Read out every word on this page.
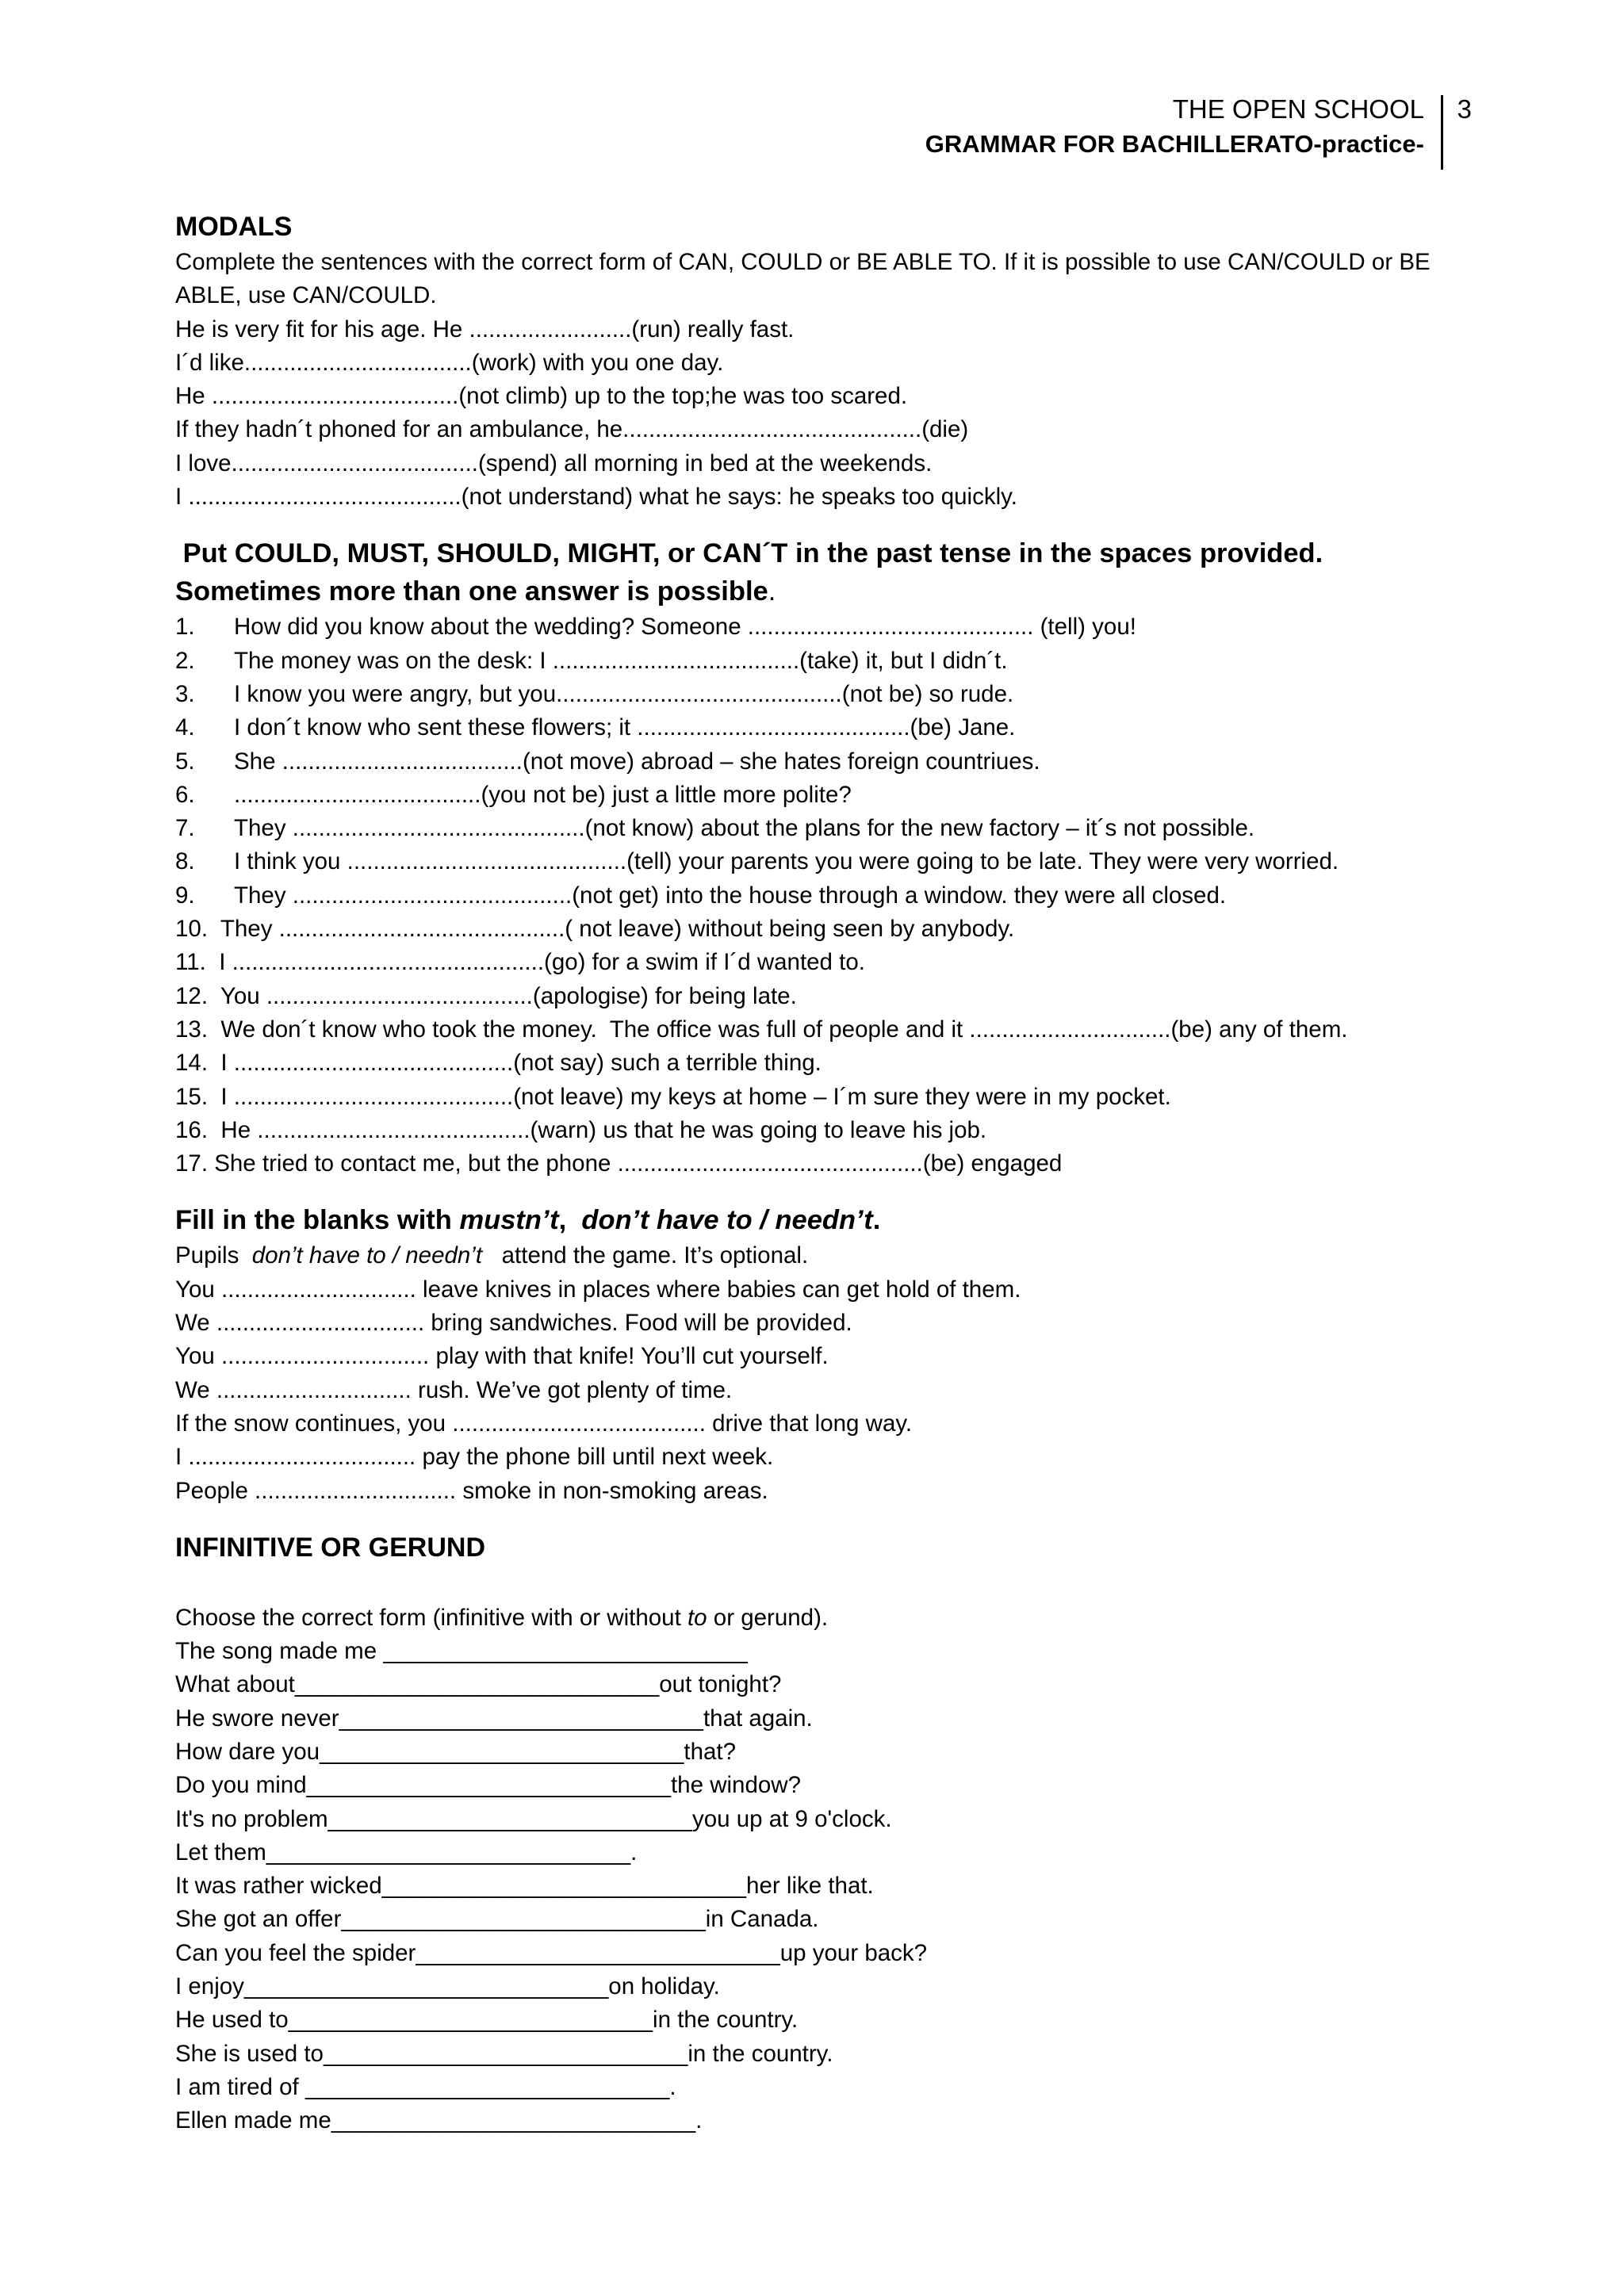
THE OPEN SCHOOL
GRAMMAR FOR BACHILLERATO-practice-
3
MODALS
Complete the sentences with the correct form of CAN, COULD or BE ABLE TO. If it is possible to use CAN/COULD or BE
ABLE, use CAN/COULD.
He is very fit for his age. He .........................(run) really fast.
I´d like...................................(work) with you one day.
He ......................................(not climb) up to the top;he was too scared.
If they hadn´t phoned for an ambulance, he..............................................(die)
I love......................................(spend) all morning in bed at the weekends.
I ..........................................(not understand) what he says: he speaks too quickly.
Put COULD, MUST, SHOULD, MIGHT, or CAN´T in the past tense in the spaces provided.
Sometimes more than one answer is possible.
1. How did you know about the wedding? Someone ............................................ (tell) you!
2. The money was on the desk: I ......................................(take) it, but I didn´t.
3. I know you were angry, but you............................................(not be) so rude.
4. I don´t know who sent these flowers; it ..........................................(be) Jane.
5. She .....................................(not move) abroad – she hates foreign countriues.
6. ......................................(you not be) just a little more polite?
7. They .............................................(not know) about the plans for the new factory – it´s not possible.
8. I think you ...........................................(tell) your parents you were going to be late. They were very worried.
9. They ...........................................(not get) into the house through a window. they were all closed.
10.  They ............................................( not leave) without being seen by anybody.
11.  I ................................................(go) for a swim if I´d wanted to.
12.  You .........................................(apologise) for being late.
13.  We don´t know who took the money.  The office was full of people and it ...............................(be) any of them.
14.  I ...........................................(not say) such a terrible thing.
15.  I ...........................................(not leave) my keys at home – I´m sure they were in my pocket.
16.  He ..........................................(warn) us that he was going to leave his job.
17. She tried to contact me, but the phone ...............................................(be) engaged
Fill in the blanks with mustn’t,  don’t have to / needn’t.
Pupils  don’t have to / needn’t   attend the game. It’s optional.
You .............................. leave knives in places where babies can get hold of them.
We ................................ bring sandwiches. Food will be provided.
You ................................ play with that knife! You’ll cut yourself.
We .............................. rush. We’ve got plenty of time.
If the snow continues, you ....................................... drive that long way.
I ................................... pay the phone bill until next week.
People ............................... smoke in non-smoking areas.
INFINITIVE OR GERUND
Choose the correct form (infinitive with or without to or gerund).
The song made me ____________________________
What about____________________________out tonight?
He swore never____________________________that again.
How dare you____________________________that?
Do you mind____________________________the window?
It's no problem____________________________you up at 9 o'clock.
Let them____________________________.
It was rather wicked____________________________her like that.
She got an offer____________________________in Canada.
Can you feel the spider____________________________up your back?
I enjoy____________________________on holiday.
He used to____________________________in the country.
She is used to____________________________in the country.
I am tired of ____________________________.
Ellen made me____________________________.
